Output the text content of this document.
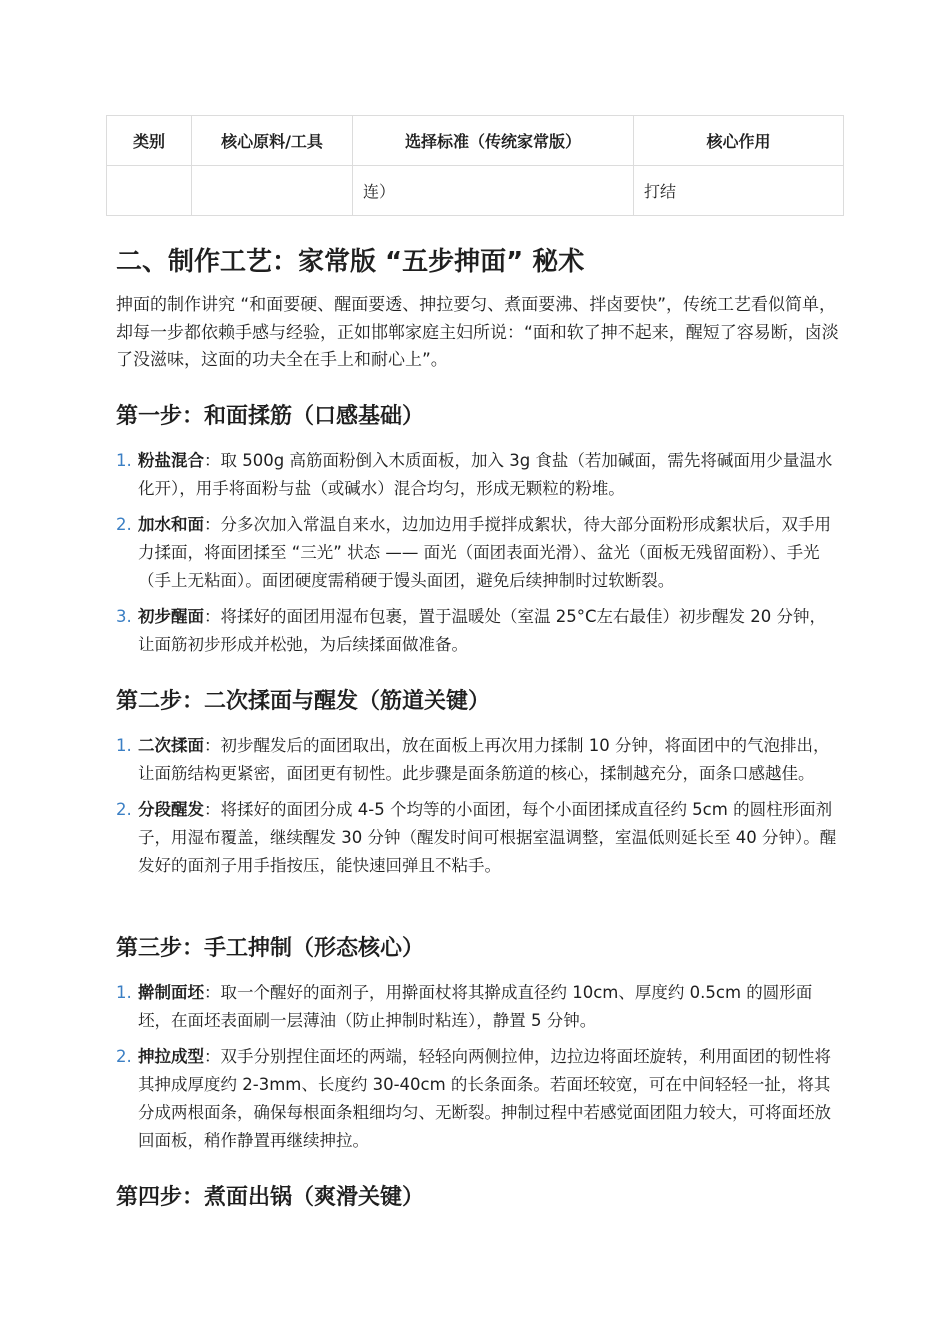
类别	核心原料/工具	选择标准（传统家常版）	核心作用
		连）	打结
二、制作工艺：家常版 “五步抻面” 秘术

抻面的制作讲究 “和面要硬、醒面要透、抻拉要匀、煮面要沸、拌卤要快”，传统工艺看似简单，却每一步都依赖手感与经验，正如邯郸家庭主妇所说：“面和软了抻不起来，醒短了容易断，卤淡了没滋味，这面的功夫全在手上和耐心上”。

第一步：和面揉筋（口感基础）
1. 粉盐混合：取 500g 高筋面粉倒入木质面板，加入 3g 食盐（若加碱面，需先将碱面用少量温水化开），用手将面粉与盐（或碱水）混合均匀，形成无颗粒的粉堆。
2. 加水和面：分多次加入常温自来水，边加边用手搅拌成絮状，待大部分面粉形成絮状后，双手用力揉面，将面团揉至 “三光” 状态 —— 面光（面团表面光滑）、盆光（面板无残留面粉）、手光（手上无粘面）。面团硬度需稍硬于馒头面团，避免后续抻制时过软断裂。
3. 初步醒面：将揉好的面团用湿布包裹，置于温暖处（室温 25°C左右最佳）初步醒发 20 分钟，让面筋初步形成并松弛，为后续揉面做准备。
第二步：二次揉面与醒发（筋道关键）
1. 二次揉面：初步醒发后的面团取出，放在面板上再次用力揉制 10 分钟，将面团中的气泡排出，让面筋结构更紧密，面团更有韧性。此步骤是面条筋道的核心，揉制越充分，面条口感越佳。
2. 分段醒发：将揉好的面团分成 4-5 个均等的小面团，每个小面团揉成直径约 5cm 的圆柱形面剂子，用湿布覆盖，继续醒发 30 分钟（醒发时间可根据室温调整，室温低则延长至 40 分钟）。醒发好的面剂子用手指按压，能快速回弹且不粘手。
第三步：手工抻制（形态核心）
1. 擀制面坯：取一个醒好的面剂子，用擀面杖将其擀成直径约 10cm、厚度约 0.5cm 的圆形面坯，在面坯表面刷一层薄油（防止抻制时粘连），静置 5 分钟。
2. 抻拉成型：双手分别捏住面坯的两端，轻轻向两侧拉伸，边拉边将面坯旋转，利用面团的韧性将其抻成厚度约 2-3mm、长度约 30-40cm 的长条面条。若面坯较宽，可在中间轻轻一扯，将其分成两根面条，确保每根面条粗细均匀、无断裂。抻制过程中若感觉面团阻力较大，可将面坯放回面板，稍作静置再继续抻拉。
第四步：煮面出锅（爽滑关键）
